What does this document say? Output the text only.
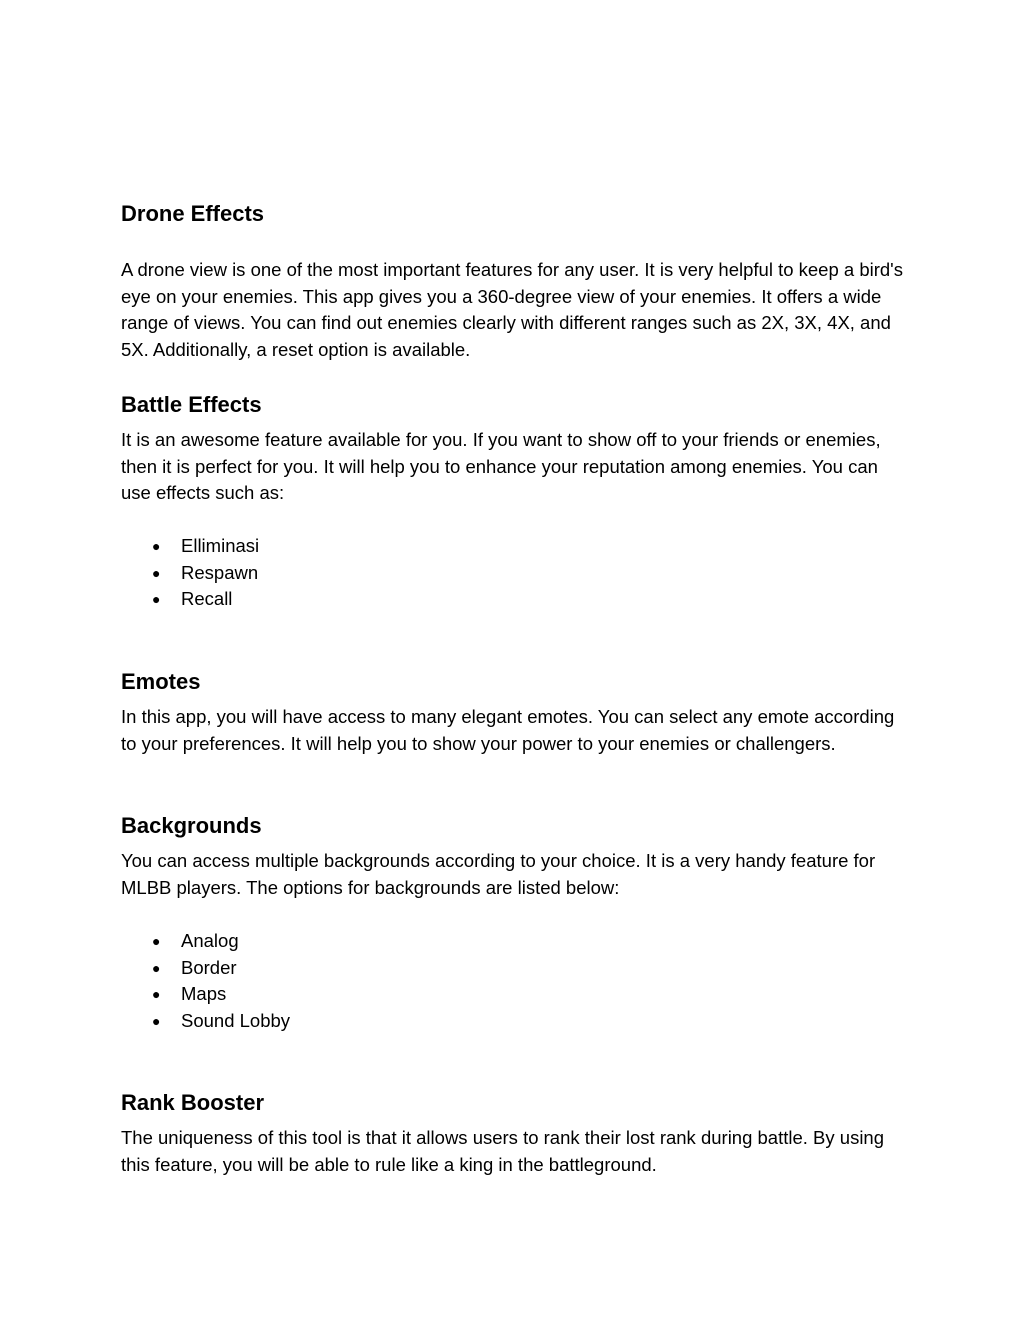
Drone Effects

A drone view is one of the most important features for any user. It is very helpful to keep a bird's eye on your enemies. This app gives you a 360-degree view of your enemies. It offers a wide range of views. You can find out enemies clearly with different ranges such as 2X, 3X, 4X, and 5X. Additionally, a reset option is available.

Battle Effects

It is an awesome feature available for you. If you want to show off to your friends or enemies, then it is perfect for you. It will help you to enhance your reputation among enemies. You can use effects such as:

● Elliminasi
● Respawn
● Recall
Emotes

In this app, you will have access to many elegant emotes. You can select any emote according to your preferences. It will help you to show your power to your enemies or challengers.

Backgrounds

You can access multiple backgrounds according to your choice. It is a very handy feature for MLBB players. The options for backgrounds are listed below:

● Analog
● Border
● Maps
● Sound Lobby
Rank Booster

The uniqueness of this tool is that it allows users to rank their lost rank during battle. By using this feature, you will be able to rule like a king in the battleground.
